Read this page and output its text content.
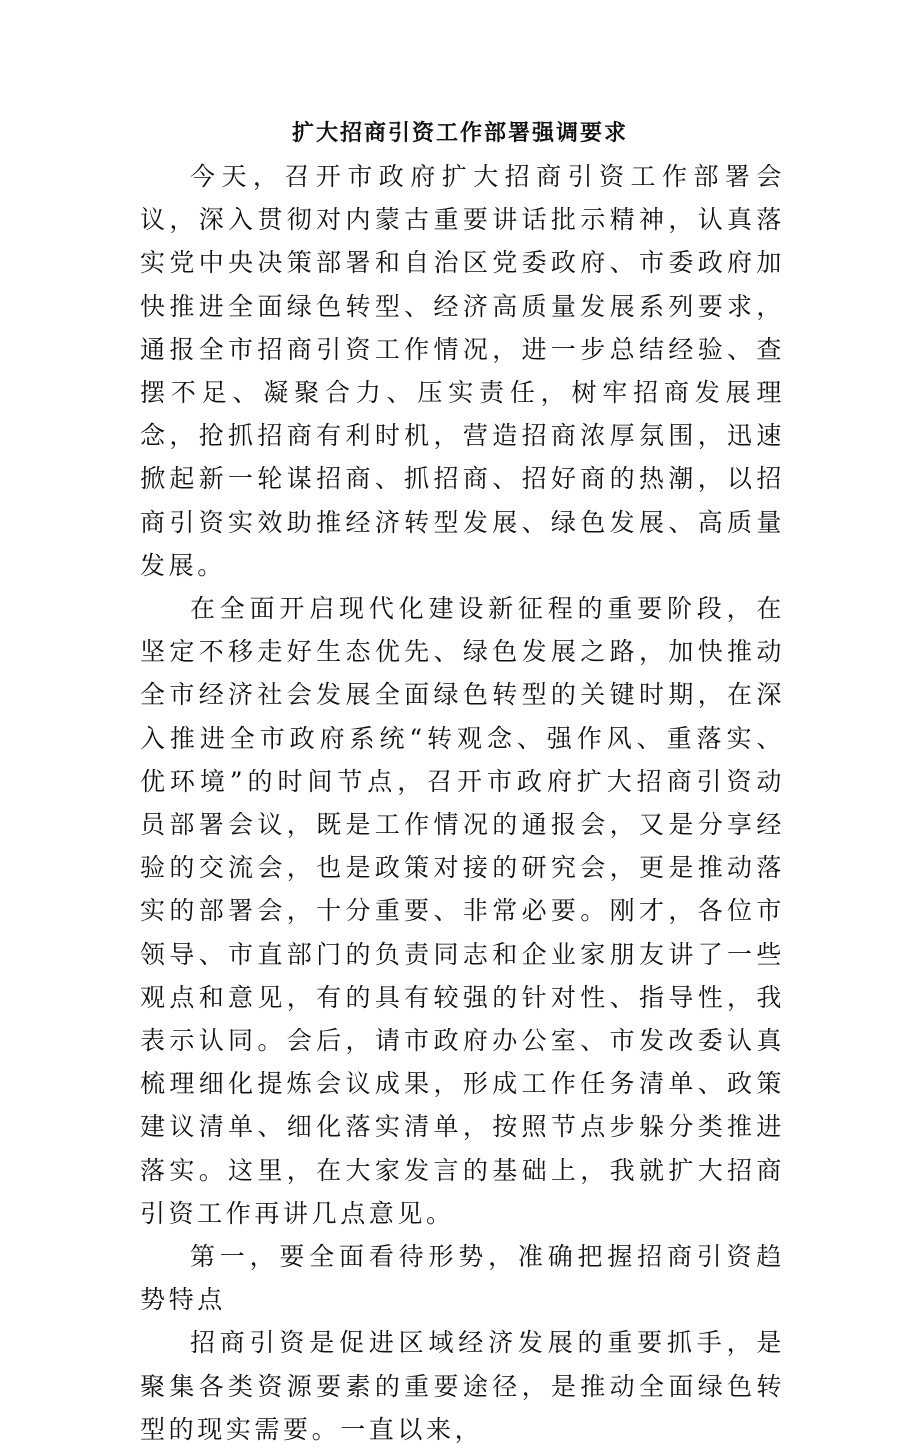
扩大招商引资工作部署强调要求

今天，召开市政府扩大招商引资工作部署会议，深入贯彻对内蒙古重要讲话批示精神，认真落实党中央决策部署和自治区党委政府、市委政府加快推进全面绿色转型、经济高质量发展系列要求，通报全市招商引资工作情况，进一步总结经验、查摆不足、凝聚合力、压实责任，树牢招商发展理念，抢抓招商有利时机，营造招商浓厚氛围，迅速掀起新一轮谋招商、抓招商、招好商的热潮，以招商引资实效助推经济转型发展、绿色发展、高质量发展。

在全面开启现代化建设新征程的重要阶段，在坚定不移走好生态优先、绿色发展之路，加快推动全市经济社会发展全面绿色转型的关键时期，在深入推进全市政府系统“转观念、强作风、重落实、优环境”的时间节点，召开市政府扩大招商引资动员部署会议，既是工作情况的通报会，又是分享经验的交流会，也是政策对接的研究会，更是推动落实的部署会，十分重要、非常必要。刚才，各位市领导、市直部门的负责同志和企业家朋友讲了一些观点和意见，有的具有较强的针对性、指导性，我表示认同。会后，请市政府办公室、市发改委认真梳理细化提炼会议成果，形成工作任务清单、政策建议清单、细化落实清单，按照节点步躲分类推进落实。这里，在大家发言的基础上，我就扩大招商引资工作再讲几点意见。

第一，要全面看待形势，准确把握招商引资趋势特点

招商引资是促进区域经济发展的重要抓手，是聚集各类资源要素的重要途径，是推动全面绿色转型的现实需要。一直以来，
